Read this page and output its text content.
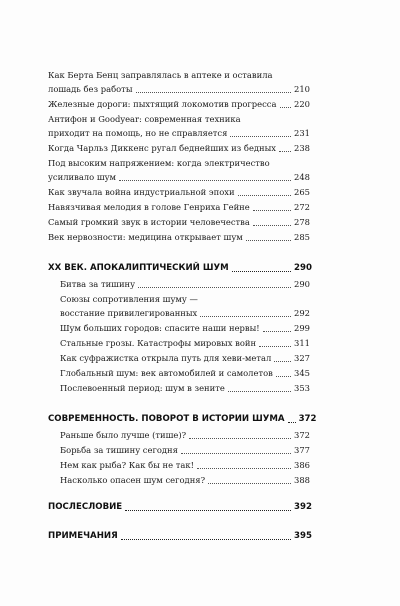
Как Берта Бенц заправлялась в аптеке и оставила
лошадь без работы	210
Железные дороги: пыхтящий локомотив прогресса 220
Антифон и Goodyear: современная техника
приходит на помощь, но не справляется	231
Когда Чарльз Диккенс ругал беднейших из бедных 238
Под высоким напряжением: когда электричество
усиливало шум	248
Как звучала война индустриальной эпохи	265
Навязчивая мелодия в голове Генриха Гейне	272
Самый громкий звук в истории человечества	278
Век нервозности: медицина открывает шум	285
ХХ ВЕК. АПОКАЛИПТИЧЕСКИЙ ШУМ	290
Битва за тишину	290
Союзы сопротивления шуму —
восстание привилегированных	292
Шум больших городов: спасите наши нервы!	299
Стальные грозы. Катастрофы мировых войн	311
Как суфражистка открыла путь для хеви-метал	327
Глобальный шум: век автомобилей и самолетов	345
Послевоенный период: шум в зените	353
СОВРЕМЕННОСТЬ. ПОВОРОТ В ИСТОРИИ ШУМА 372
Раньше было лучше (тише)?	372
Борьба за тишину сегодня	377
Нем как рыба? Как бы не так!	386
Насколько опасен шум сегодня?	388
ПОСЛЕСЛОВИЕ	392
ПРИМЕЧАНИЯ	395
